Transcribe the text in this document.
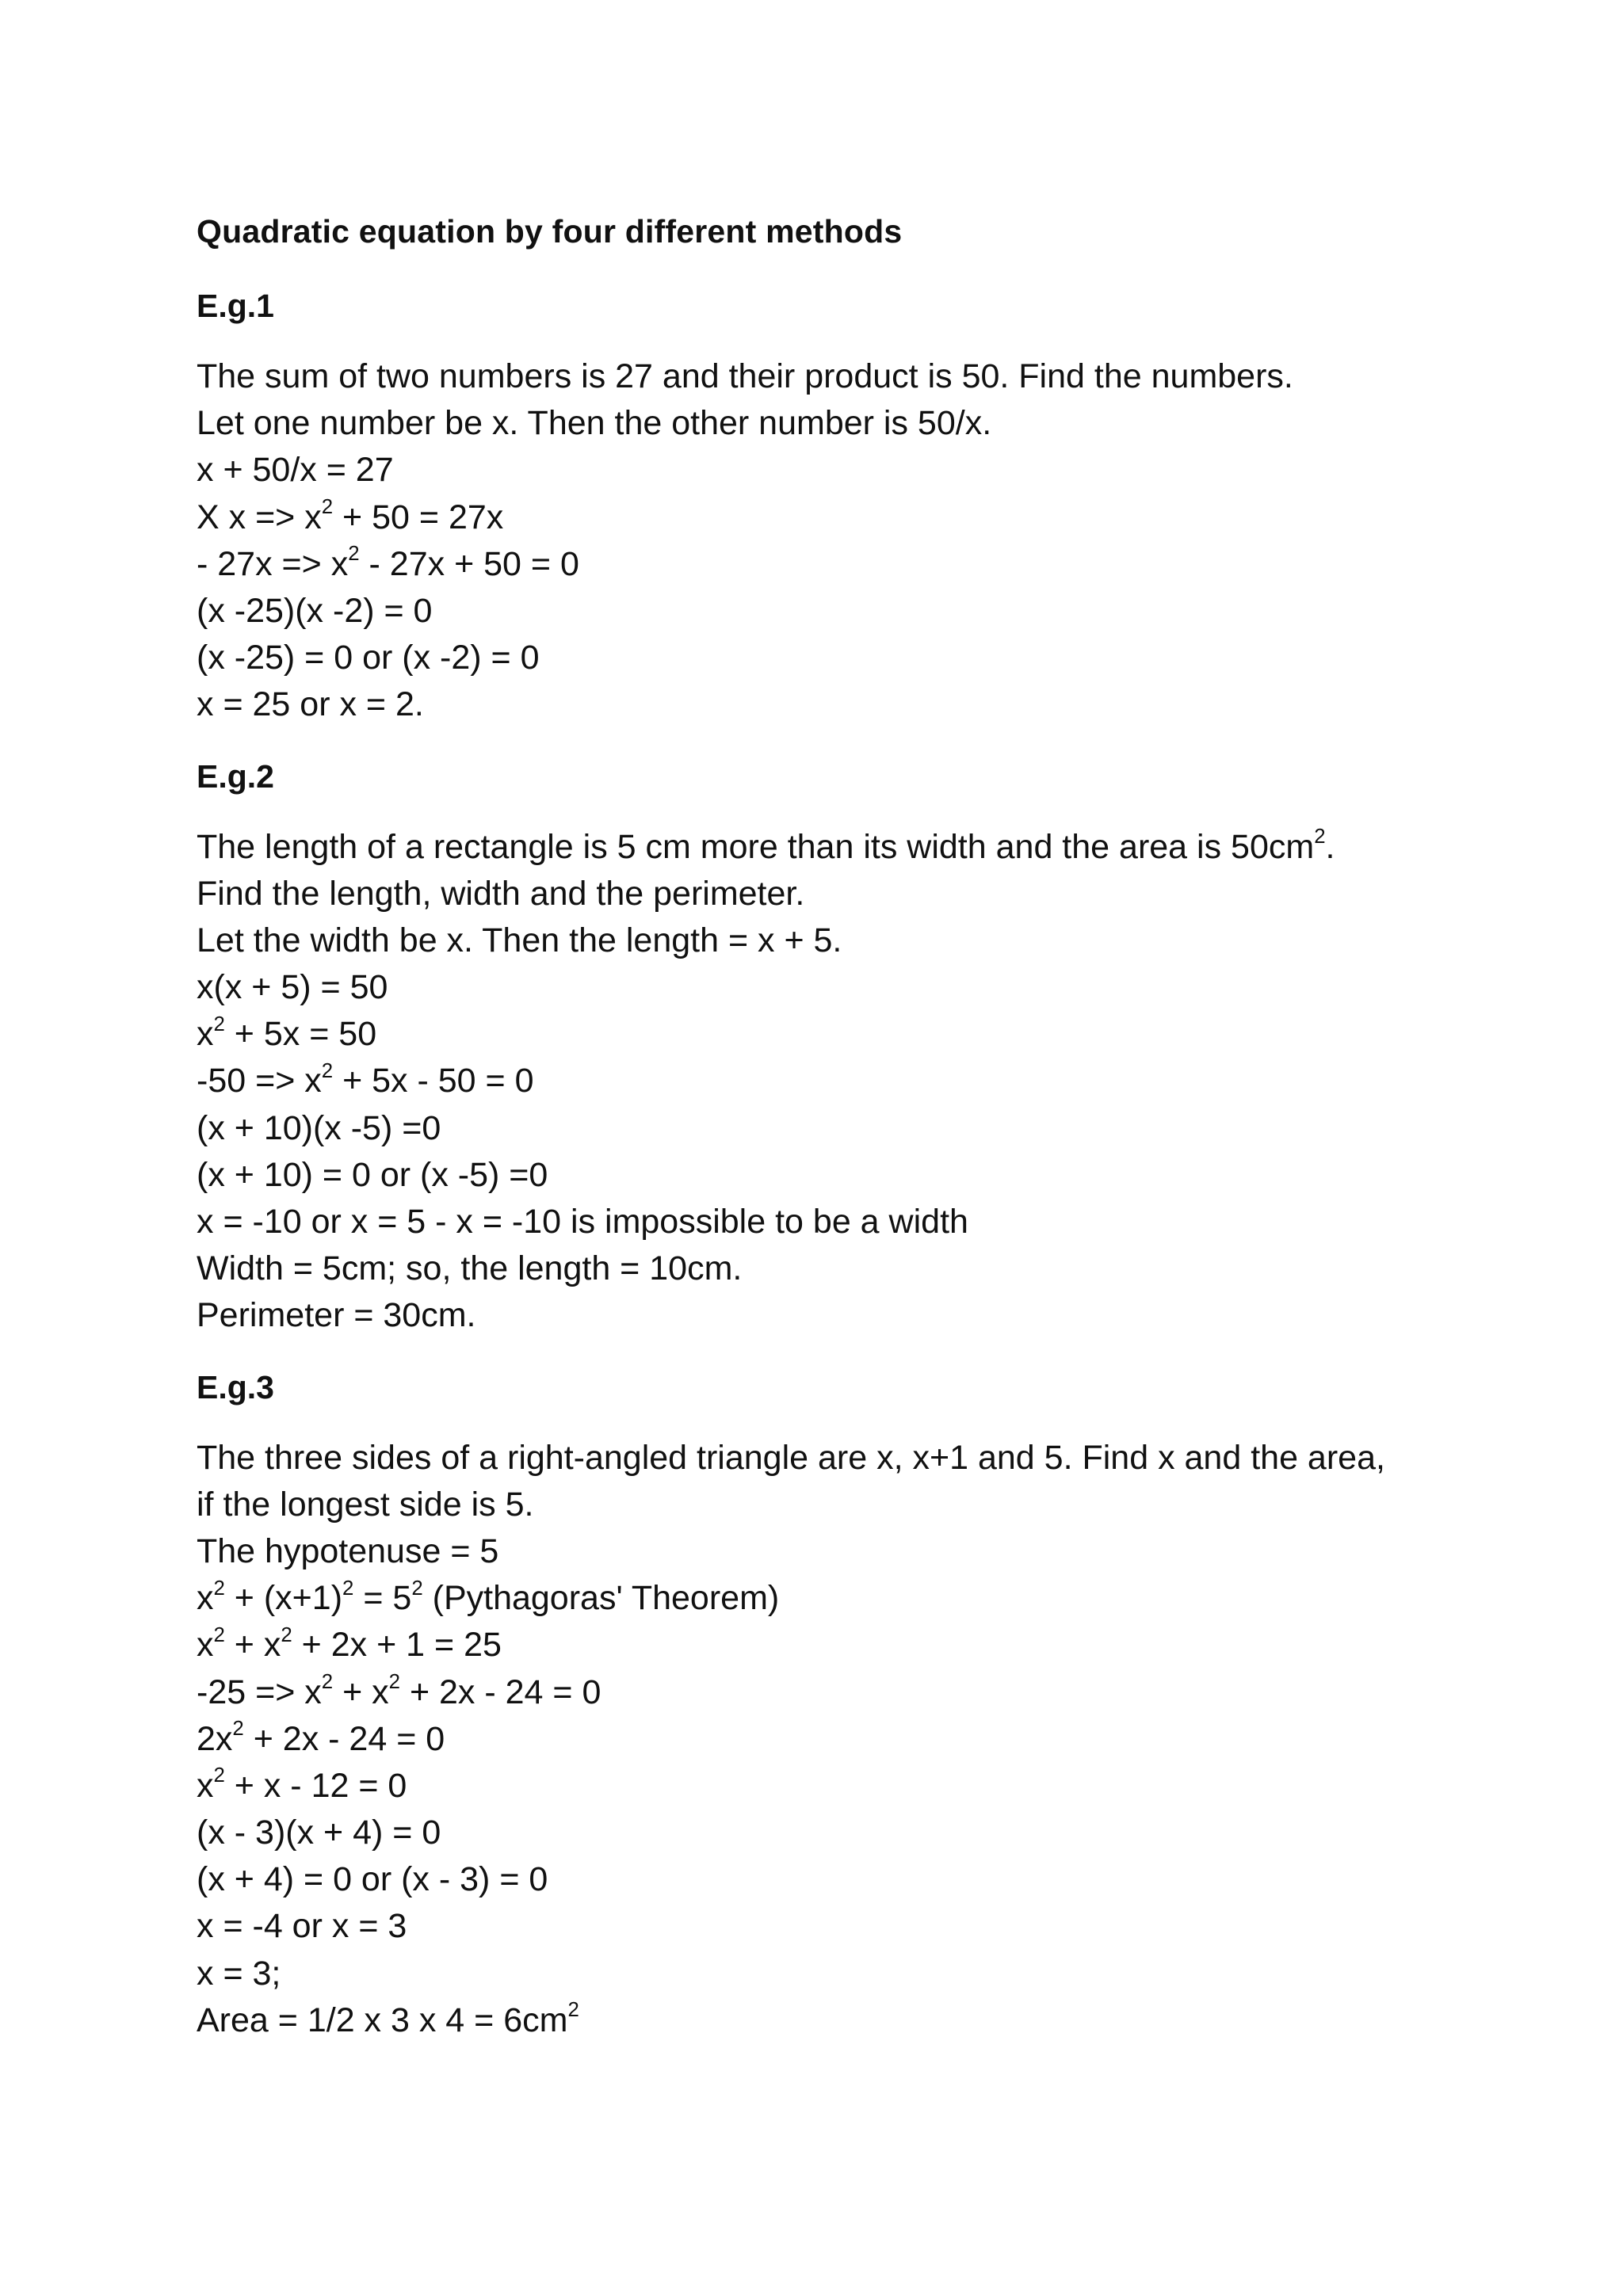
Quadratic equation by four different methods
E.g.1
The sum of two numbers is 27 and their product is 50. Find the numbers.
Let one number be x. Then the other number is 50/x.
x + 50/x = 27
X $x => x^2 + 50 = 27x$
- $27x => x^2 - 27x + 50 = 0$
(x -25)(x -2) = 0
(x -25) = 0 or (x -2) = 0
x = 25 or x = 2.
E.g.2
The length of a rectangle is 5 cm more than its width and the area is $50cm^2$.
Find the length, width and the perimeter.
Let the width be x. Then the length = x + 5.
x(x + 5) = 50
$x^2 + 5x = 50$
$-50 => x^2 + 5x - 50 = 0$
(x + 10)(x -5) =0
(x + 10) = 0 or (x -5) =0
x = -10 or x = 5 - x = -10 is impossible to be a width
Width = 5cm; so, the length = 10cm.
Perimeter = 30cm.
E.g.3
The three sides of a right-angled triangle are x, x+1 and 5. Find x and the area,
if the longest side is 5.
The hypotenuse = 5
$x^2 + (x+1)^2 = 5^2$ (Pythagoras' Theorem)
$x^2 + x^2 + 2x + 1 = 25$
$-25 => x^2 + x^2 + 2x - 24 = 0$
$2x^2 + 2x - 24 = 0$
$x^2 + x - 12 = 0$
(x - 3)(x + 4) = 0
(x + 4) = 0 or (x - 3) = 0
x = -4 or x = 3
x = 3;
Area = 1/2 x 3 x $4 = 6cm^2$
